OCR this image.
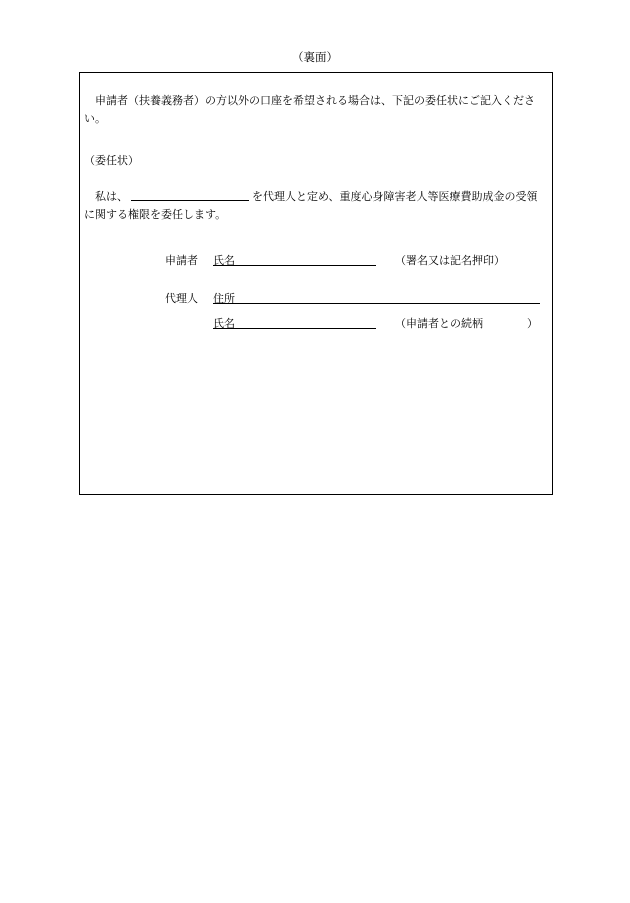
（裏面）
申請者（扶養義務者）の方以外の口座を希望される場合は、下記の委任状にご記入ください。
（委任状）
私は、	を代理人と定め、重度心身障害老人等医療費助成金の受領に関する権限を委任します。
申請者 氏名	（署名又は記名押印）
代理人 住所
氏名	（申請者との続柄	）
